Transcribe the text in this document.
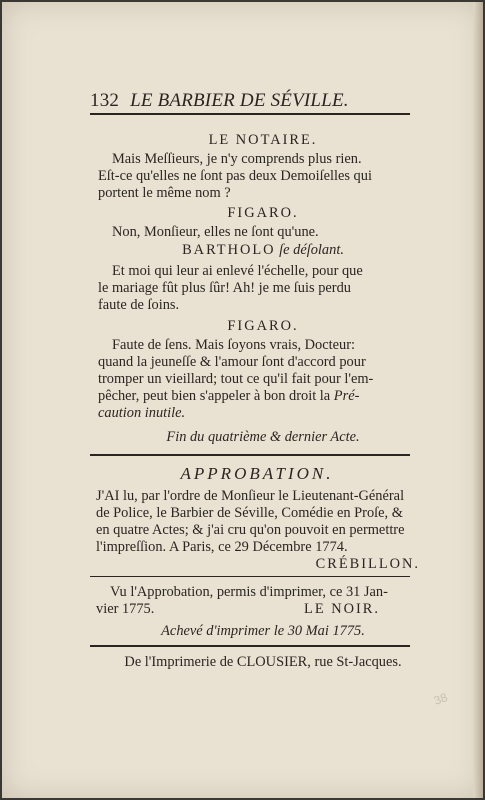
132 LE BARBIER DE SÉVILLE.
LE NOTAIRE.
Mais Meſſieurs, je n'y comprends plus rien.
Eſt-ce qu'elles ne ſont pas deux Demoiſelles qui
portent le même nom ?
FIGARO.
Non, Monſieur, elles ne ſont qu'une.
BARTHOLO ſe déſolant.
Et moi qui leur ai enlevé l'échelle, pour que
le mariage fût plus ſûr! Ah! je me ſuis perdu
faute de ſoins.
FIGARO.
Faute de ſens. Mais ſoyons vrais, Docteur:
quand la jeuneſſe & l'amour ſont d'accord pour
tromper un vieillard; tout ce qu'il fait pour l'em-
pêcher, peut bien s'appeler à bon droit la Pré-
caution inutile.
Fin du quatrième & dernier Acte.
APPROBATION.
J'AI lu, par l'ordre de Monſieur le Lieutenant-Général
de Police, le Barbier de Séville, Comédie en Proſe, &
en quatre Actes; & j'ai cru qu'on pouvoit en permettre
l'impreſſion. A Paris, ce 29 Décembre 1774.
CRÉBILLON.
Vu l'Approbation, permis d'imprimer, ce 31 Jan-
vier 1775.	LE NOIR.
Achevé d'imprimer le 30 Mai 1775.
De l'Imprimerie de CLOUSIER, rue St-Jacques.
38
